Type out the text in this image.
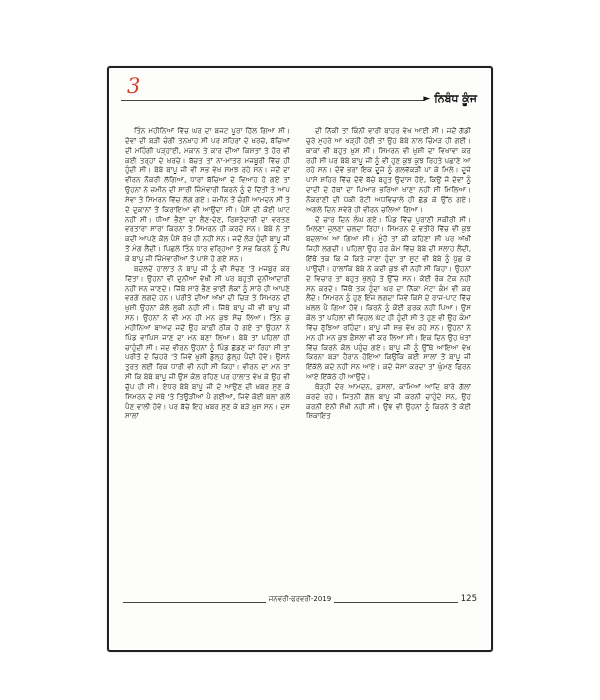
3
► ਨਿਬੰਧ ਕੂੰਜ

ਤਿੰਨ ਮਹੀਨਿਆਂ ਵਿੱਚ ਘਰ ਦਾ ਬਜਟ ਪੂਰਾ ਹਿੱਲ ਗਿਆ ਸੀ। ਦੋਵਾਂ ਦੀ ਬੜੀ ਚੰਗੀ ਤਨਖ਼ਾਹ ਸੀ ਪਰ ਸ਼ਹਿਰਾਂ ਦੇ ਖ਼ਰਚੇ, ਬੱਚਿਆਂ ਦੀ ਮਹਿੰਗੀ ਪੜ੍ਹਾਈ, ਮਕਾਨ ਤੇ ਕਾਰ ਦੀਆਂ ਕਿਸ਼ਤਾਂ ਤੇ ਹੋਰ ਵੀ ਕਈ ਤਰ੍ਹਾਂ ਦੇ ਖ਼ਰਚੇ। ਬੱਚਤ ਤਾਂ ਨਾ-ਮਾਤਰ ਮਜਬੂਰੀ ਵਿੱਚ ਹੀ ਹੁੰਦੀ ਸੀ। ਬੇਬੇ ਬਾਪੂ ਜੀ ਵੀ ਸਭ ਵੇਖ ਸਮਝ ਰਹੇ ਸਨ। ਜਦੋਂ ਦਾ ਵੀਰਨ ਨੌਕਰੀ ਲੱਗਿਆ, ਧਾਰਾਂ ਬੱਚਿਆਂ ਦੇ ਵਿਆਹ ਹੋ ਗਏ ਤਾਂ ਉਹਨਾਂ ਨੇ ਜ਼ਮੀਨ ਦੀ ਸਾਰੀ ਜ਼ਿੰਮੇਵਾਰੀ ਕਿਰਨੇ ਨੂੰ ਦੇ ਦਿੱਤੀ ਤੇ ਆਪ ਸੇਵਾ ਤੇ ਸਿਮਰਨ ਵਿੱਚ ਲੱਗ ਗਏ। ਜ਼ਮੀਨ ਤੋਂ ਚੰਗੀ ਆਮਦਨ ਸੀ ਤੇ ਦੋ ਦੁਕਾਨਾਂ ਤੋਂ ਕਿਰਾਇਆ ਵੀ ਆਉਂਦਾ ਸੀ। ਪੈਸੇ ਦੀ ਕੋਈ ਘਾਟ ਨਹੀਂ ਸੀ। ਧੀਆਂ ਭੈਣਾਂ ਦਾ ਲੈਣ-ਦੇਣ, ਰਿਸ਼ਤੇਦਾਰੀ ਦਾ ਵਰਤਣ ਵਰਤਾਰਾ ਸਾਰਾ ਕਿਰਨਾ ਤੇ ਸਿਮਰਨ ਹੀ ਕਰਦੇ ਸਨ। ਬੇਬੇ ਨੇ ਤਾਂ ਕਦੀ ਆਪਣੇ ਕੋਲ ਪੈਸੇ ਰੱਖੇ ਹੀ ਨਹੀਂ ਸਨ। ਜਦੋਂ ਲੋੜ ਹੁੰਦੀ ਬਾਪੂ ਜੀ ਤੋਂ ਮੰਗ ਲੈਂਦੀ। ਪਿਛਲੇ ਤਿੰਨ ਧਾਰ ਵਰ੍ਹਿਆਂ ਤੋਂ ਸਭ ਕਿਰਨੇ ਨੂੰ ਸੌਂਪ ਕੇ ਬਾਪੂ ਜੀ ਜ਼ਿੰਮੇਵਾਰੀਆਂ ਤੋਂ ਪਾਸੇ ਹੋ ਗਏ ਸਨ।

ਬਦਲਦੇ ਹਾਲਾਤ ਨੇ ਬਾਪੂ ਜੀ ਨੂੰ ਵੀ ਸੋਚਣ 'ਤੇ ਮਜਬੂਰ ਕਰ ਦਿੱਤਾ। ਉਹਨਾਂ ਵੀ ਦੁਨੀਆਂ ਵੇਖੀ ਸੀ ਪਰ ਬਹੁਤੀ ਦੁਨੀਆਂਦਾਰੀ ਨਹੀਂ ਸਨ ਜਾਣਦੇ। ਜਿੱਥੇ ਸਾਰੇ ਭੈਣ ਭਾਈ ਲੋਕਾਂ ਨੂੰ ਸਾਰੇ ਹੀ ਆਪਣੇ ਵਰਗੇ ਲਗਦੇ ਹਨ। ਪਰੀਤੋ ਦੀਆਂ ਅੱਖਾਂ ਦੀ ਚਿੜ ਤੇ ਸਿਮਰਨ ਦੀ ਖ਼ੁਸ਼ੀ ਉਹਨਾਂ ਕੋਲੋਂ ਲੁਕੀ ਨਹੀਂ ਸੀ। ਜਿੱਥੇ ਬਾਪੂ ਜੀ ਵੀ ਬਾਪੂ ਜੀ ਸਨ। ਉਹਨਾਂ ਨੇ ਵੀ ਮਨ ਹੀ ਮਨ ਕੁਝ ਸੋਚ ਲਿਆ। ਤਿੰਨ ਕੁ ਮਹੀਨਿਆਂ ਬਾਅਦ ਜਦੋਂ ਉਹ ਕਾਫ਼ੀ ਠੀਕ ਹੋ ਗਏ ਤਾਂ ਉਹਨਾਂ ਨੇ ਪਿੰਡ ਵਾਪਿਸ ਜਾਣ ਦਾ ਮਨ ਬਣਾ ਲਿਆ। ਬੇਬੇ ਤਾਂ ਪਹਿਲਾਂ ਹੀ ਚਾਹੁੰਦੀ ਸੀ। ਜਦ ਵੀਰਨ ਉਹਨਾਂ ਨੂੰ ਪਿੰਡ ਛੱਡਣ ਜਾ ਰਿਹਾ ਸੀ ਤਾਂ ਪਰੀਤੋ ਦੇ ਚਿਹਰੇ 'ਤੇ ਜਿਵੇਂ ਖ਼ੁਸ਼ੀ ਡੁੱਲ੍ਹ ਡੁੱਲ੍ਹ ਪੈਂਦੀ ਹੋਵੇ। ਉਸਨੇ ਤੁਰਤ ਲਈ ਰਿਕ ਧਾਰੀ ਵੀ ਨਹੀਂ ਸੀ ਕਿਹਾ। ਵੀਰਨ ਦਾ ਮਨ ਤਾਂ ਸੀ ਕਿ ਬੇਬੇ ਬਾਪੂ ਜੀ ਉਸ ਕੋਲ ਰਹਿਣ ਪਰ ਹਾਲਾਤ ਵੇਖ ਕੇ ਉਹ ਵੀ ਚੁੱਪ ਹੀ ਸੀ। ਏਧਰ ਬੇਬੇ ਬਾਪੂ ਜੀ ਦੇ ਆਉਣ ਦੀ ਖ਼ਬਰ ਸੁਣ ਕੇ ਸਿਮਰਨ ਦੇ ਮੱਥੇ 'ਤੇ ਤਿਊੜੀਆਂ ਪੈ ਗਈਆਂ, ਜਿਵੇਂ ਕੋਈ ਬਲਾ ਗਲੋਂ ਪੈਣ ਵਾਲੀ ਹੋਵੇ। ਪਰ ਬੱਚੇ ਇਹ ਖ਼ਬਰ ਸੁਣ ਕੇ ਬੜੇ ਖ਼ੁਸ਼ ਸਨ। ਦਸ ਸਾਲਾਂ

ਦੀ ਨਿੱਕੀ ਤਾਂ ਕਿੰਨੀ ਵਾਰੀ ਬਾਹਰ ਵੇਖ ਆਈ ਸੀ। ਜਦੋਂ ਗੱਡੀ ਚੁਰੇ ਮੁਹਰੇ ਆ ਖੜ੍ਹੀ ਹੋਈ ਤਾਂ ਉਹ ਬੇਬੇ ਨਾਲ ਚਿੰਮੜ ਹੀ ਗਈ। ਕਾਕਾ ਵੀ ਬਹੁਤ ਖ਼ੁਸ਼ ਸੀ। ਸਿਮਰਨ ਵੀ ਖ਼ੁਸ਼ੀ ਦਾ ਵਿਖਾਵਾ ਕਰ ਰਹੀ ਸੀ ਪਰ ਬੇਬੇ ਬਾਪੂ ਜੀ ਨੂੰ ਵੀ ਹੁਣ ਕੁਝ ਕੁਝ ਰਿਹਤੇ ਪਛਾਣੇ ਆ ਰਹੇ ਸਨ। ਦੋਵੇਂ ਭਰਾ ਇਕ ਦੂਜੇ ਨੂੰ ਗਲਵੱਕੜੀ ਪਾ ਕੇ ਮਿਲੇ। ਦੂਜੇ ਪਾਸੇ ਸ਼ਹਿਰ ਵਿੱਚ ਦੋਵੇਂ ਬੱਚੇ ਬਹੁਤ ਉਦਾਸ ਹੋਏ, ਕਿਉਂ ਜੋ ਦੋਵਾਂ ਨੂੰ ਦਾਦੀ ਦੇ ਹੱਥਾਂ ਦਾ ਪਿਆਰ ਭਰਿਆ ਖਾਣਾ ਨਹੀਂ ਸੀ ਮਿਲਿਆ। ਨੌਕਰਾਣੀ ਦੀ ਪੱਕੀ ਰੋਟੀ ਅਧਵਿਚਾਲੇ ਹੀ ਛੱਡ ਕੇ ਉੱਠ ਗਏ। ਅਗਲੇ ਦਿਨ ਸਵੇਰੇ ਹੀ ਵੀਰਨ ਚਲਿਆ ਗਿਆ।

ਦੋ ਚਾਰ ਦਿਨ ਲੰਘ ਗਏ। ਪਿੰਡ ਵਿੱਚ ਪੁਰਾਣੀ ਸਕੀਰੀ ਸੀ। ਮਿਲਣਾ ਜੁਲਣਾ ਚਲਦਾ ਰਿਹਾ। ਸਿਮਰਨ ਦੇ ਵਤੀਰੇ ਵਿੱਚ ਵੀ ਕੁਝ ਬਦਲਾਅ ਆ ਗਿਆ ਸੀ। ਮੂੰਹੋਂ ਤਾਂ ਕੀ ਕਹਿਣਾ ਸੀ ਪਰ ਅੱਖੀਂ ਜਿਹੀ ਲਗਦੀ। ਪਹਿਲਾਂ ਉਹ ਹਰ ਕੰਮ ਵਿੱਚ ਬੇਬੇ ਦੀ ਸਲਾਹ ਲੈਂਦੀ, ਇੱਥੋਂ ਤਕ ਕਿ ਜੇ ਕਿਤੇ ਜਾਣਾ ਹੁੰਦਾ ਤਾਂ ਸੂਟ ਵੀ ਬੇਬੇ ਨੂੰ ਪੁੱਛ ਕੇ ਪਾਉਂਦੀ। ਹਾਲਾਂਕਿ ਬੇਬੇ ਨੇ ਕਦੀ ਕੁਝ ਵੀ ਨਹੀਂ ਸੀ ਕਿਹਾ। ਉਹਨਾਂ ਦੇ ਵਿਚਾਰ ਤਾਂ ਬਹੁਤ ਖੁੱਲ੍ਹੇ ਤੇ ਉੱਚੇ ਸਨ। ਕੋਈ ਰੋਕ ਟੋਕ ਨਹੀਂ ਸਨ ਕਰਦੇ। ਜਿੱਥੋਂ ਤਕ ਹੁੰਦਾ ਘਰ ਦਾ ਨਿੱਕਾ ਮੋਟਾ ਕੰਮ ਵੀ ਕਰ ਲੈਂਦੇ। ਸਿਮਰਨ ਨੂੰ ਹੁਣ ਇੰਜ ਲਗਦਾ ਜਿਵੇਂ ਕਿਸੇ ਦੇ ਰਾਜ-ਪਾਟ ਵਿੱਚ ਖ਼ਲਲ ਪੈ ਗਿਆ ਹੋਵੇ। ਕਿਰਨੇ ਨੂੰ ਕੋਈ ਫ਼ਰਕ ਨਹੀਂ ਪਿਆ। ਉਸ ਕੋਲ ਤਾਂ ਪਹਿਲਾਂ ਵੀ ਵਿਹਲ ਘੱਟ ਹੀ ਹੁੰਦੀ ਸੀ ਤੇ ਹੁਣ ਵੀ ਉਹ ਕੰਮਾਂ ਵਿੱਚ ਰੁੱਝਿਆ ਰਹਿੰਦਾ। ਬਾਪੂ ਜੀ ਸਭ ਵੇਖ ਰਹੇ ਸਨ। ਉਹਨਾਂ ਨੇ ਮਨ ਹੀ ਮਨ ਕੁਝ ਫ਼ੈਸਲਾ ਵੀ ਕਰ ਲਿਆ ਸੀ। ਇਕ ਦਿਨ ਉਹ ਖੇਤਾਂ ਵਿੱਚ ਕਿਰਨੇ ਕੋਲ ਪਹੁੰਚ ਗਏ। ਬਾਪੂ ਜੀ ਨੂੰ ਉੱਥੇ ਆਇਆ ਵੇਖ ਕਿਰਨਾ ਬੜਾ ਹੈਰਾਨ ਹੋਇਆ ਕਿਉਂਕਿ ਕਈ ਸਾਲਾਂ ਤੋਂ ਬਾਪੂ ਜੀ ਇੱਕੱਲੇ ਕਦੇ ਨਹੀਂ ਸਨ ਆਏ। ਕਦੇ ਜੇਸਾ ਕਰਦਾ ਤਾਂ ਘੁੰਮਣ ਫਿਰਨ ਆਏ ਇੱਕੱਠੇ ਹੀ ਆਉਂਦੇ।

ਥੋੜ੍ਹੀ ਦੇਰ ਆਮਦਨ, ਫ਼ਸਲਾਂ, ਕਾਮਿਆਂ ਆਦਿ ਬਾਰੇ ਗੱਲਾਂ ਕਰਦੇ ਰਹੇ। ਜਿਤਨੀ ਗੱਲ ਬਾਪੂ ਜੀ ਕਰਨੀ ਚਾਹੁੰਦੇ ਸਨ, ਉਹ ਕਰਨੀ ਏਨੀ ਸੌਖੀ ਨਹੀਂ ਸੀ। ਉਂਞ ਵੀ ਉਹਨਾਂ ਨੂੰ ਕਿਰਨੇ ਤੋਂ ਕੋਈ ਸ਼ਿਕਾਇਤ

ਜਨਵਰੀ-ਫਰਵਰੀ-2019	125
